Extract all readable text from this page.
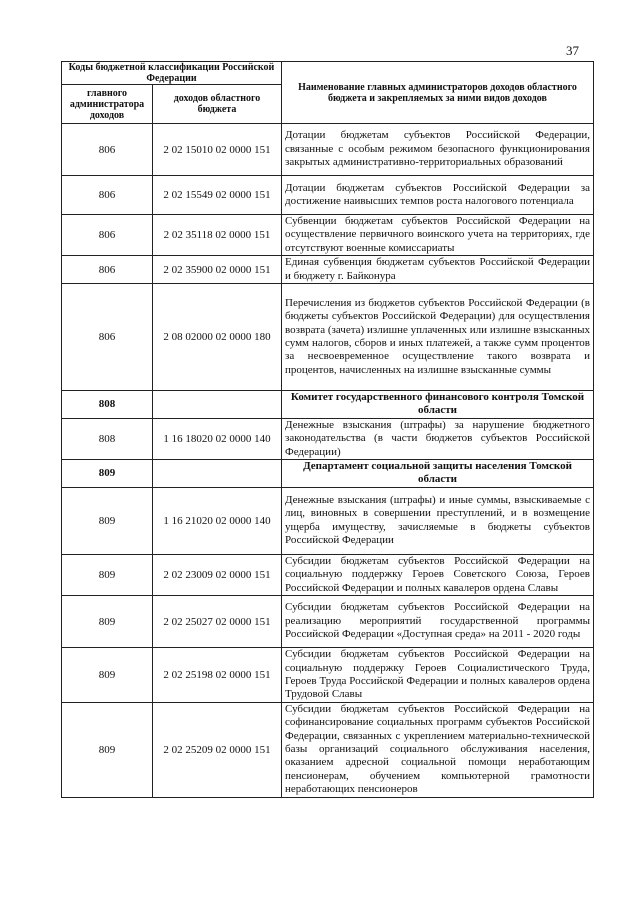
37
Коды бюджетной классификации Российской Федерации		Наименование главных администраторов доходов областного бюджета и закрепляемых за ними видов доходов
главного администратора доходов	доходов областного бюджета	
806	2 02 15010 02 0000 151	Дотации бюджетам субъектов Российской Федерации, связанные с особым режимом безопасного функционирования закрытых административно-территориальных образований
806	2 02 15549 02 0000 151	Дотации бюджетам субъектов Российской Федерации за достижение наивысших темпов роста налогового потенциала
806	2 02 35118 02 0000 151	Субвенции бюджетам субъектов Российской Федерации на осуществление первичного воинского учета на территориях, где отсутствуют военные комиссариаты
806	2 02 35900 02 0000 151	Единая субвенция бюджетам субъектов Российской Федерации и бюджету г. Байконура
806	2 08 02000 02 0000 180	Перечисления из бюджетов субъектов Российской Федерации (в бюджеты субъектов Российской Федерации) для осуществления возврата (зачета) излишне уплаченных или излишне взысканных сумм налогов, сборов и иных платежей, а также сумм процентов за несвоевременное осуществление такого возврата и процентов, начисленных на излишне взысканные суммы
808		Комитет государственного финансового контроля Томской области
808	1 16 18020 02 0000 140	Денежные взыскания (штрафы) за нарушение бюджетного законодательства (в части бюджетов субъектов Российской Федерации)
809		Департамент социальной защиты населения Томской области
809	1 16 21020 02 0000 140	Денежные взыскания (штрафы) и иные суммы, взыскиваемые с лиц, виновных в совершении преступлений, и в возмещение ущерба имуществу, зачисляемые в бюджеты субъектов Российской Федерации
809	2 02 23009 02 0000 151	Субсидии бюджетам субъектов Российской Федерации на социальную поддержку Героев Советского Союза, Героев Российской Федерации и полных кавалеров ордена Славы
809	2 02 25027 02 0000 151	Субсидии бюджетам субъектов Российской Федерации на реализацию мероприятий государственной программы Российской Федерации «Доступная среда» на 2011 - 2020 годы
809	2 02 25198 02 0000 151	Субсидии бюджетам субъектов Российской Федерации на социальную поддержку Героев Социалистического Труда, Героев Труда Российской Федерации и полных кавалеров ордена Трудовой Славы
809	2 02 25209 02 0000 151	Субсидии бюджетам субъектов Российской Федерации на софинансирование социальных программ субъектов Российской Федерации, связанных с укреплением материально-технической базы организаций социального обслуживания населения, оказанием адресной социальной помощи неработающим пенсионерам, обучением компьютерной грамотности неработающих пенсионеров
